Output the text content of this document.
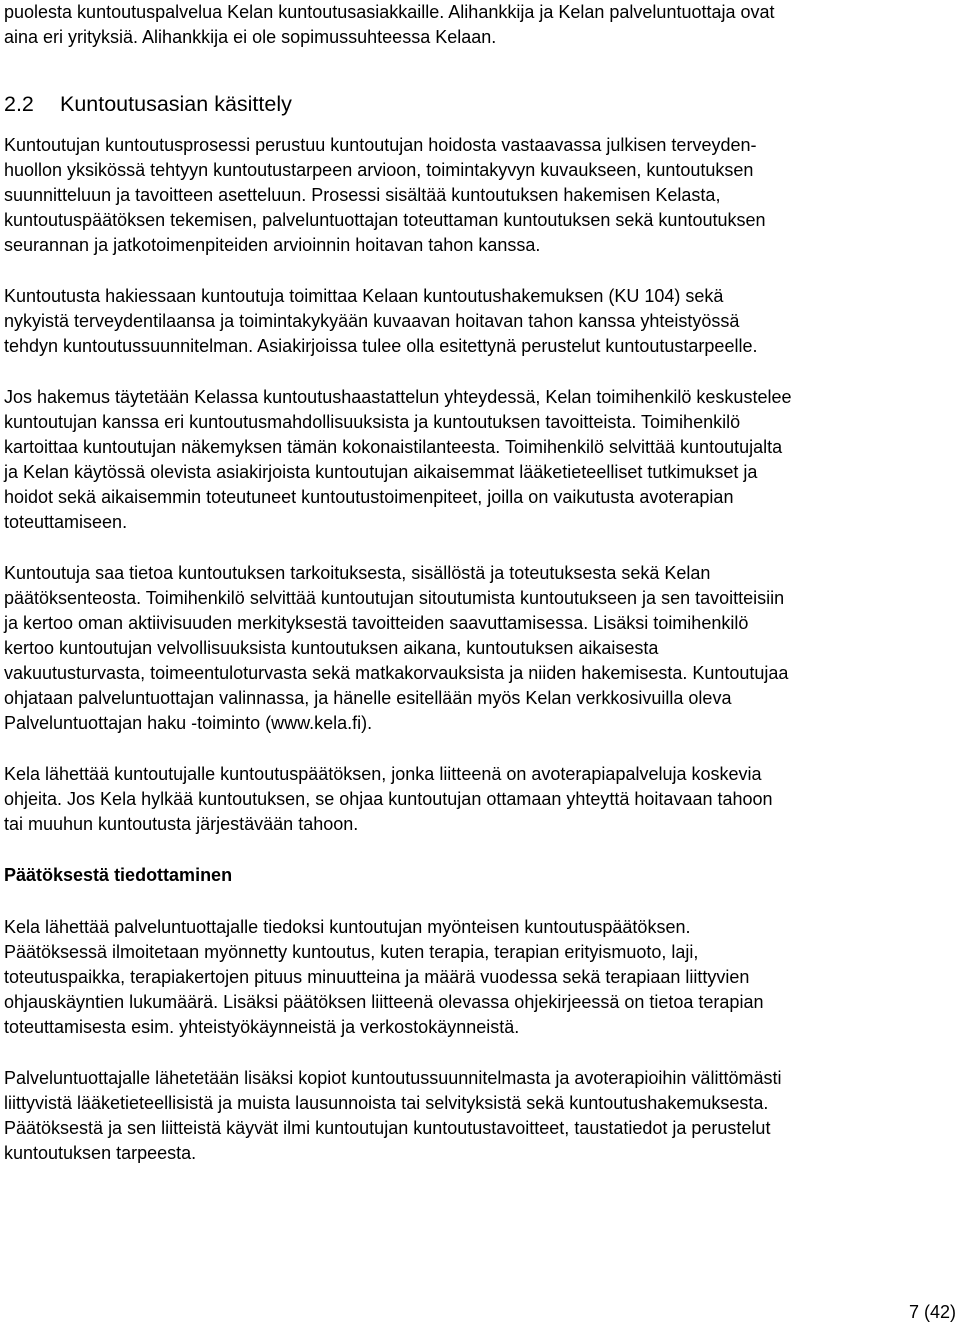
puolesta kuntoutuspalvelua Kelan kuntoutusasiakkaille. Alihankkija ja Kelan palveluntuottaja ovat
aina eri yrityksiä. Alihankkija ei ole sopimussuhteessa Kelaan.

2.2 Kuntoutusasian käsittely

Kuntoutujan kuntoutusprosessi perustuu kuntoutujan hoidosta vastaavassa julkisen terveyden-
huollon yksikössä tehtyyn kuntoutustarpeen arvioon, toimintakyvyn kuvaukseen, kuntoutuksen
suunnitteluun ja tavoitteen asetteluun. Prosessi sisältää kuntoutuksen hakemisen Kelasta,
kuntoutuspäätöksen tekemisen, palveluntuottajan toteuttaman kuntoutuksen sekä kuntoutuksen
seurannan ja jatkotoimenpiteiden arvioinnin hoitavan tahon kanssa.

Kuntoutusta hakiessaan kuntoutuja toimittaa Kelaan kuntoutushakemuksen (KU 104) sekä
nykyistä terveydentilaansa ja toimintakykyään kuvaavan hoitavan tahon kanssa yhteistyössä
tehdyn kuntoutussuunnitelman. Asiakirjoissa tulee olla esitettynä perustelut kuntoutustarpeelle.

Jos hakemus täytetään Kelassa kuntoutushaastattelun yhteydessä, Kelan toimihenkilö keskustelee
kuntoutujan kanssa eri kuntoutusmahdollisuuksista ja kuntoutuksen tavoitteista. Toimihenkilö
kartoittaa kuntoutujan näkemyksen tämän kokonaistilanteesta. Toimihenkilö selvittää kuntoutujalta
ja Kelan käytössä olevista asiakirjoista kuntoutujan aikaisemmat lääketieteelliset tutkimukset ja
hoidot sekä aikaisemmin toteutuneet kuntoutustoimenpiteet, joilla on vaikutusta avoterapian
toteuttamiseen.

Kuntoutuja saa tietoa kuntoutuksen tarkoituksesta, sisällöstä ja toteutuksesta sekä Kelan
päätöksenteosta. Toimihenkilö selvittää kuntoutujan sitoutumista kuntoutukseen ja sen tavoitteisiin
ja kertoo oman aktiivisuuden merkityksestä tavoitteiden saavuttamisessa. Lisäksi toimihenkilö
kertoo kuntoutujan velvollisuuksista kuntoutuksen aikana, kuntoutuksen aikaisesta
vakuutusturvasta, toimeentuloturvasta sekä matkakorvauksista ja niiden hakemisesta. Kuntoutujaa
ohjataan palveluntuottajan valinnassa, ja hänelle esitellään myös Kelan verkkosivuilla oleva
Palveluntuottajan haku -toiminto (www.kela.fi).

Kela lähettää kuntoutujalle kuntoutuspäätöksen, jonka liitteenä on avoterapiapalveluja koskevia
ohjeita. Jos Kela hylkää kuntoutuksen, se ohjaa kuntoutujan ottamaan yhteyttä hoitavaan tahoon
tai muuhun kuntoutusta järjestävään tahoon.

Päätöksestä tiedottaminen

Kela lähettää palveluntuottajalle tiedoksi kuntoutujan myönteisen kuntoutuspäätöksen.
Päätöksessä ilmoitetaan myönnetty kuntoutus, kuten terapia, terapian erityismuoto, laji,
toteutuspaikka, terapiakertojen pituus minuutteina ja määrä vuodessa sekä terapiaan liittyvien
ohjauskäyntien lukumäärä. Lisäksi päätöksen liitteenä olevassa ohjekirjeessä on tietoa terapian
toteuttamisesta esim. yhteistyökäynneistä ja verkostokäynneistä.

Palveluntuottajalle lähetetään lisäksi kopiot kuntoutussuunnitelmasta ja avoterapioihin välittömästi
liittyvistä lääketieteellisistä ja muista lausunnoista tai selvityksistä sekä kuntoutushakemuksesta.
Päätöksestä ja sen liitteistä käyvät ilmi kuntoutujan kuntoutustavoitteet, taustatiedot ja perustelut
kuntoutuksen tarpeesta.

7 (42)
